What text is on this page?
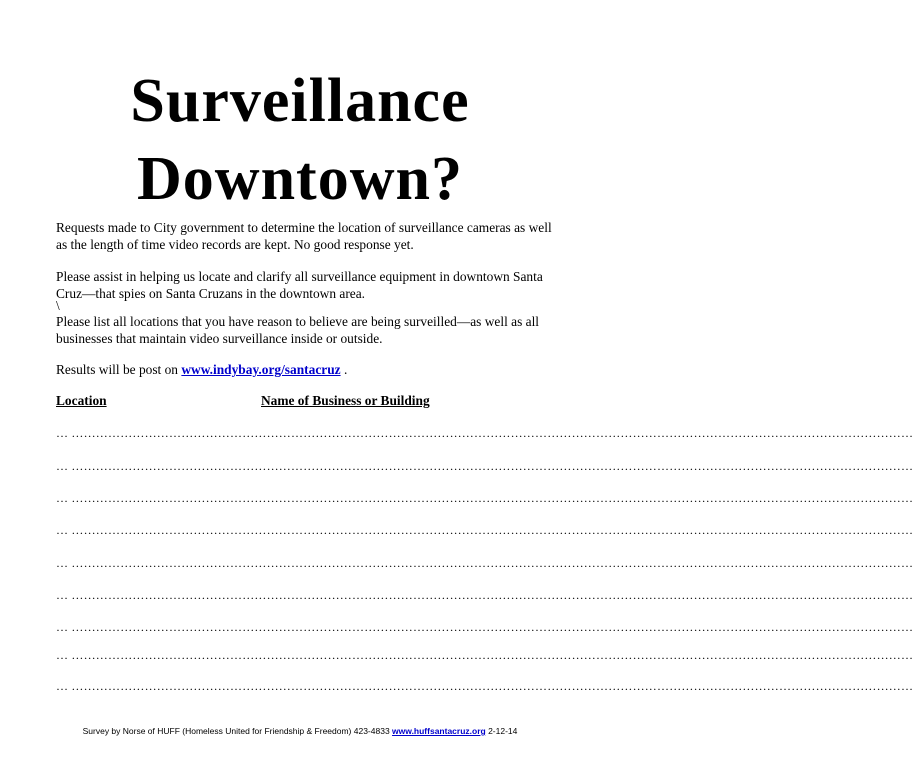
Surveillance
Downtown?
Requests made to City government to determine the location of surveillance cameras as well as the length of time video records are kept. No good response yet.
Please assist in helping us locate and clarify all surveillance equipment in downtown Santa Cruz—that spies on Santa Cruzans in the downtown area.
\
Please list all locations that you have reason to believe are being surveilled—as well as all businesses that maintain video surveillance inside or outside.
Results will be post on www.indybay.org/santacruz .
Location	Name of Business or Building
… ………………………………………………………………………………………………………………………………………………………………………………………
… ………………………………………………………………………………………………………………………………………………………………………………………
… ………………………………………………………………………………………………………………………………………………………………………………………
… ………………………………………………………………………………………………………………………………………………………………………………………
… ………………………………………………………………………………………………………………………………………………………………………………………
… ………………………………………………………………………………………………………………………………………………………………………………………
… ………………………………………………………………………………………………………………………………………………………………………………………
… ………………………………………………………………………………………………………………………………………………………………………………………
… ………………………………………………………………………………………………………………………………………………………………………………………
Survey by Norse of HUFF (Homeless United for Friendship & Freedom) 423-4833 www.huffsantacruz.org 2-12-14
